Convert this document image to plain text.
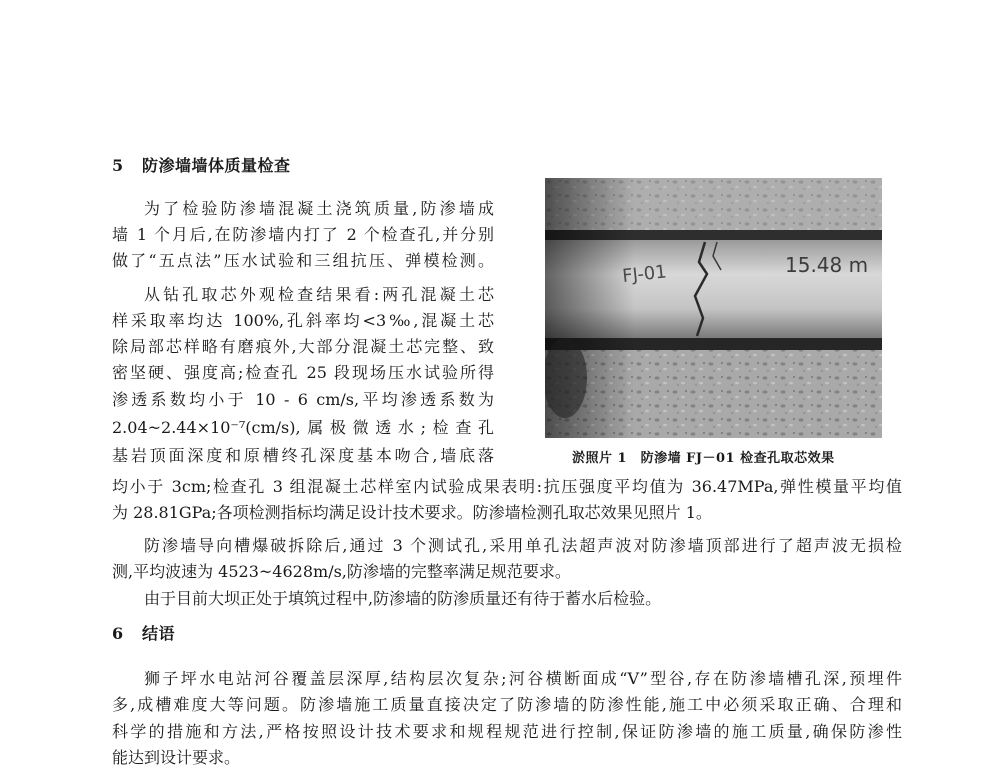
5 防渗墙墙体质量检查
为了检验防渗墙混凝土浇筑质量,防渗墙成
墙 1 个月后,在防渗墙内打了 2 个检查孔,并分别
做了“五点法”压水试验和三组抗压、弹模检测。
从钻孔取芯外观检查结果看:两孔混凝土芯
样采取率均达 100%,孔斜率均<3‰,混凝土芯
除局部芯样略有磨痕外,大部分混凝土芯完整、致
密坚硬、强度高;检查孔 25 段现场压水试验所得
渗透系数均小于 10 - 6 cm/s,平均渗透系数为
2.04~2.44×10⁻⁷(cm/s),属极微透水;检查孔
基岩顶面深度和原槽终孔深度基本吻合,墙底落
均小于 3cm;检查孔 3 组混凝土芯样室内试验成果表明:抗压强度平均值为 36.47MPa,弹性模量平均值
为 28.81GPa;各项检测指标均满足设计技术要求。防渗墙检测孔取芯效果见照片 1。
防渗墙导向槽爆破拆除后,通过 3 个测试孔,采用单孔法超声波对防渗墙顶部进行了超声波无损检
测,平均波速为 4523~4628m/s,防渗墙的完整率满足规范要求。
由于目前大坝正处于填筑过程中,防渗墙的防渗质量还有待于蓄水后检验。
FJ-01	15.48 m
淤照片 1　防渗墙 FJ－01 检查孔取芯效果
6 结语
狮子坪水电站河谷覆盖层深厚,结构层次复杂;河谷横断面成“V”型谷,存在防渗墙槽孔深,预埋件
多,成槽难度大等问题。防渗墙施工质量直接决定了防渗墙的防渗性能,施工中必须采取正确、合理和
科学的措施和方法,严格按照设计技术要求和规程规范进行控制,保证防渗墙的施工质量,确保防渗性
能达到设计要求。
